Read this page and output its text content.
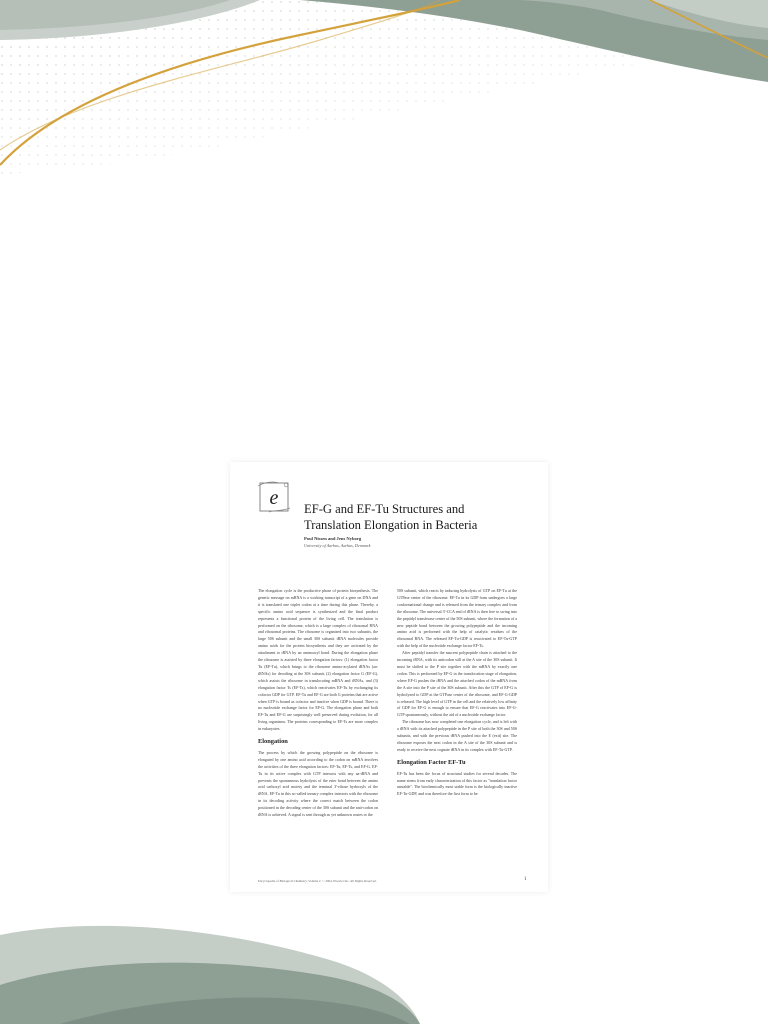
e EF-G and EF-Tu Structures and
Translation Elongation in Bacteria
Poul Nissen and Jens Nyborg
University of Aarhus, Aarhus, Denmark

The elongation cycle is the productive phase of protein biosynthesis. The genetic message on mRNA is a working transcript of a gene on DNA and it is translated one triplet codon at a time during this phase. Thereby, a specific amino acid sequence is synthesized and the final product represents a functional protein of the living cell. The translation is performed on the ribosome, which is a large complex of ribosomal RNA and ribosomal proteins. The ribosome is organized into two subunits, the large 50S subunit and the small 30S subunit. tRNA molecules provide amino acids for the protein biosynthesis and they are activated by the attachment to tRNA by an aminoacyl bond. During the elongation phase the ribosome is assisted by three elongation factors: (1) elongation factor Tu (EF-Tu), which brings to the ribosome amino-acylated tRNAs (aa-tRNAs) for decoding at the 30S subunit, (2) elongation factor G (EF-G), which assists the ribosome in translocating mRNA and tRNAs, and (3) elongation factor Ts (EF-Ts), which reactivates EF-Tu by exchanging its cofactor GDP for GTP. EF-Tu and EF-G are both G proteins that are active when GTP is bound as cofactor and inactive when GDP is bound. There is no nucleotide exchange factor for EF-G. The elongation phase and both EF-Tu and EF-G are surprisingly well preserved during evolution, for all living organisms. The proteins corresponding to EF-Ts are more complex in eukaryotes.

Elongation

The process by which the growing polypeptide on the ribosome is elongated by one amino acid according to the codon on mRNA involves the activities of the three elongation factors: EF-Tu, EF-Ts, and EF-G. EF-Tu in its active complex with GTP interacts with any aa-tRNA and prevents the spontaneous hydrolysis of the ester bond between the amino acid carboxyl acid moiety and the terminal 3'-ribose hydroxyls of the tRNA. EF-Tu in this so-called ternary complex interacts with the ribosome in its decoding activity where the correct match between the codon positioned in the decoding center of the 30S subunit and the anti-codon on tRNA is achieved. A signal is sent through as yet unknown routes to the

50S subunit, which reacts by inducing hydrolysis of GTP on EF-Tu at the GTPase center of the ribosome. EF-Tu in its GDP form undergoes a large conformational change and is released from the ternary complex and from the ribosome. The universal 3'-CCA end of tRNA is then free to swing into the peptidyl transferase center of the 50S subunit, where the formation of a new peptide bond between the growing polypeptide and the incoming amino acid is performed with the help of catalytic residues of the ribosomal RNA. The released EF-Tu-GDP is reactivated to EF-Tu-GTP with the help of the nucleotide exchange factor EF-Ts.

After peptidyl transfer the nascent polypeptide chain is attached to the incoming tRNA, with its anticodon still at the A site of the 30S subunit. It must be shifted to the P site together with the mRNA by exactly one codon. This is performed by EF-G in the translocation stage of elongation, where EF-G pushes the tRNA and the attached codon of the mRNA from the A site into the P site of the 30S subunit. After this the GTP of EF-G is hydrolyzed to GDP at the GTPase center of the ribosome, and EF-G-GDP is released. The high level of GTP in the cell and the relatively low affinity of GDP for EF-G is enough to ensure that EF-G reactivates into EF-G-GTP spontaneously, without the aid of a nucleotide exchange factor.

The ribosome has now completed one elongation cycle, and is left with a tRNA with its attached polypeptide in the P site of both the 30S and 50S subunits, and with the previous tRNA pushed into the E (exit) site. The ribosome exposes the next codon in the A site of the 30S subunit and is ready to receive the next cognate tRNA in its complex with EF-Tu-GTP.

Elongation Factor EF-Tu

EF-Tu has been the focus of structural studies for several decades. The name stems from early characterization of this factor as "translation factor unstable". The biochemically most stable form is the biologically inactive EF-Tu-GDP, and was therefore the first form to be

Encyclopedia of Biological Chemistry, Volume 2. © 2004, Elsevier Inc. All Rights Reserved.	1
